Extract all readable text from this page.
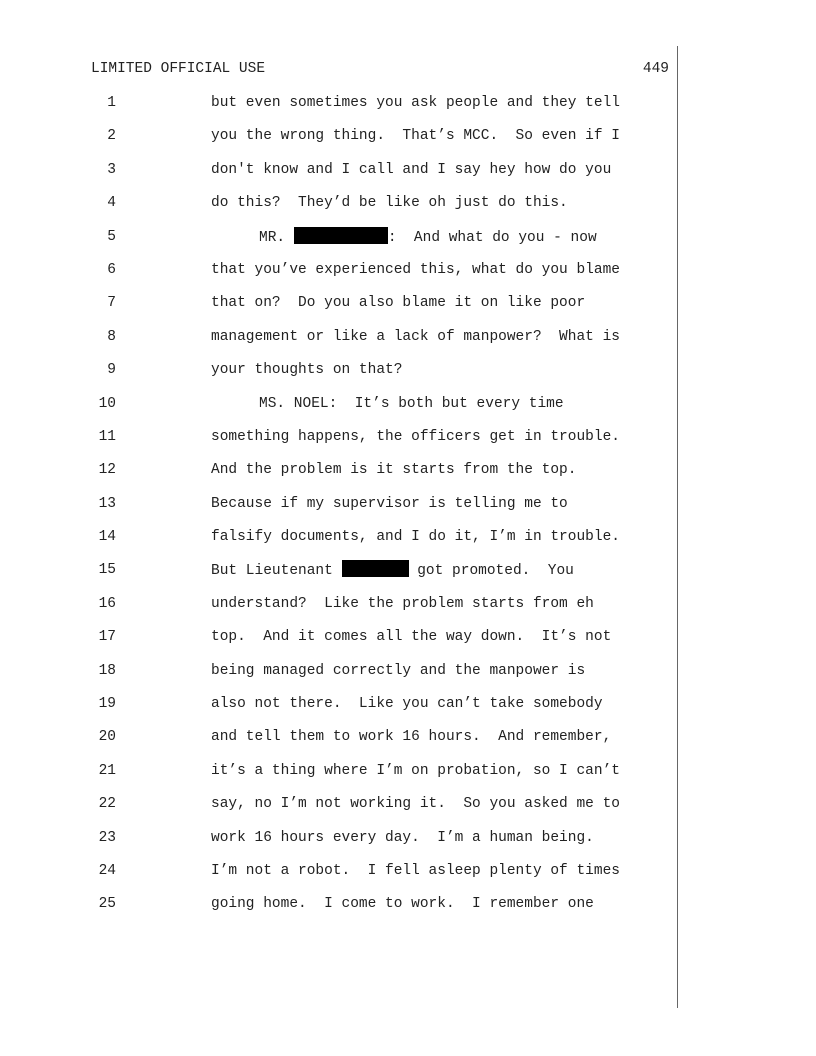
LIMITED OFFICIAL USE	449

1

	but even sometimes you ask people and they tell

2

	you the wrong thing.  That’s MCC.  So even if I

3

	don't know and I call and I say hey how do you

4

	do this?  They’d be like oh just do this.

5

	MR.	:  And what do you - now

6

	that you’ve experienced this, what do you blame

7

	that on?  Do you also blame it on like poor

8

	management or like a lack of manpower?  What is

9

	your thoughts on that?

10

	MS. NOEL:  It’s both but every time

11

	something happens, the officers get in trouble.

12

	And the problem is it starts from the top.

13

	Because if my supervisor is telling me to

14

	falsify documents, and I do it, I’m in trouble.

15

	But Lieutenant	got promoted.  You

16

	understand?  Like the problem starts from eh

17

	top.  And it comes all the way down.  It’s not

18

	being managed correctly and the manpower is

19

	also not there.  Like you can’t take somebody

20

	and tell them to work 16 hours.  And remember,

21

	it’s a thing where I’m on probation, so I can’t

22

	say, no I’m not working it.  So you asked me to

23

	work 16 hours every day.  I’m a human being.

24

	I’m not a robot.  I fell asleep plenty of times

25

	going home.  I come to work.  I remember one
